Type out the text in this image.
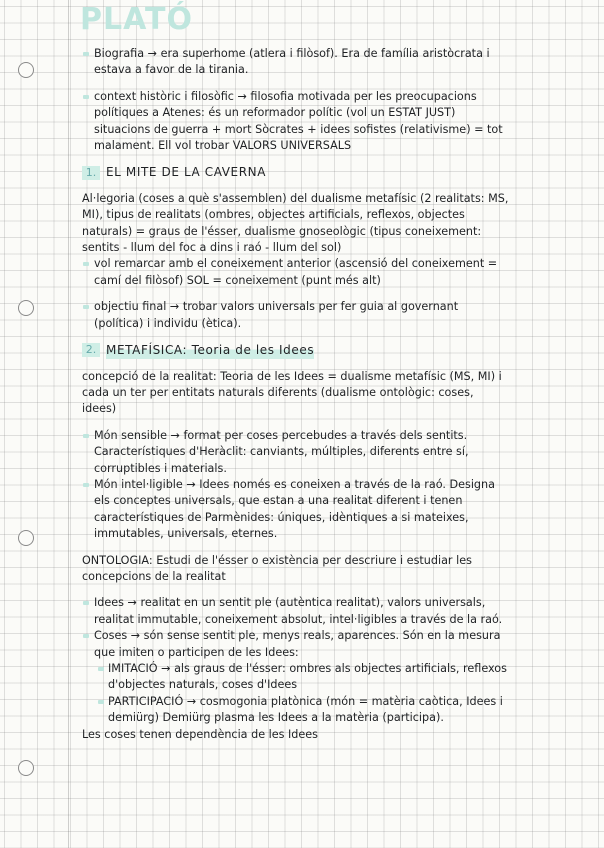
PLATÓ

Biografia → era superhome (atlera i filòsof). Era de família aristòcrata i estava a favor de la tirania.

context històric i filosòfic → filosofia motivada per les preocupacions polítiques a Atenes: és un reformador polític (vol un ESTAT JUST) situacions de guerra + mort Sòcrates + idees sofistes (relativisme) = tot malament. Ell vol trobar VALORS UNIVERSALS

1. EL MITE DE LA CAVERNA

Al·legoria (coses a què s'assemblen) del dualisme metafísic (2 realitats: MS, MI), tipus de realitats (ombres, objectes artificials, reflexos, objectes naturals) = graus de l'ésser, dualisme gnoseològic (tipus coneixement: sentits - llum del foc a dins i raó - llum del sol)

vol remarcar amb el coneixement anterior (ascensió del coneixement = camí del filòsof) SOL = coneixement (punt més alt)

objectiu final → trobar valors universals per fer guia al governant (política) i individu (ètica).

2. METAFÍSICA: Teoria de les Idees

concepció de la realitat: Teoria de les Idees = dualisme metafísic (MS, MI) i cada un ter per entitats naturals diferents (dualisme ontològic: coses, idees)

Món sensible → format per coses percebudes a través dels sentits. Característiques d'Heràclit: canviants, múltiples, diferents entre sí, corruptibles i materials.

Món intel·ligible → Idees només es coneixen a través de la raó. Designa els conceptes universals, que estan a una realitat diferent i tenen característiques de Parmènides: úniques, idèntiques a si mateixes, immutables, universals, eternes.

ONTOLOGIA: Estudi de l'ésser o existència per descriure i estudiar les concepcions de la realitat

Idees → realitat en un sentit ple (autèntica realitat), valors universals, realitat immutable, coneixement absolut, intel·ligibles a través de la raó.

Coses → són sense sentit ple, menys reals, aparences. Són en la mesura que imiten o participen de les Idees:

IMITACIÓ → als graus de l'ésser: ombres als objectes artificials, reflexos d'objectes naturals, coses d'Idees

PARTICIPACIÓ → cosmogonia platònica (món = matèria caòtica, Idees i demiürg) Demiürg plasma les Idees a la matèria (participa).

Les coses tenen dependència de les Idees
